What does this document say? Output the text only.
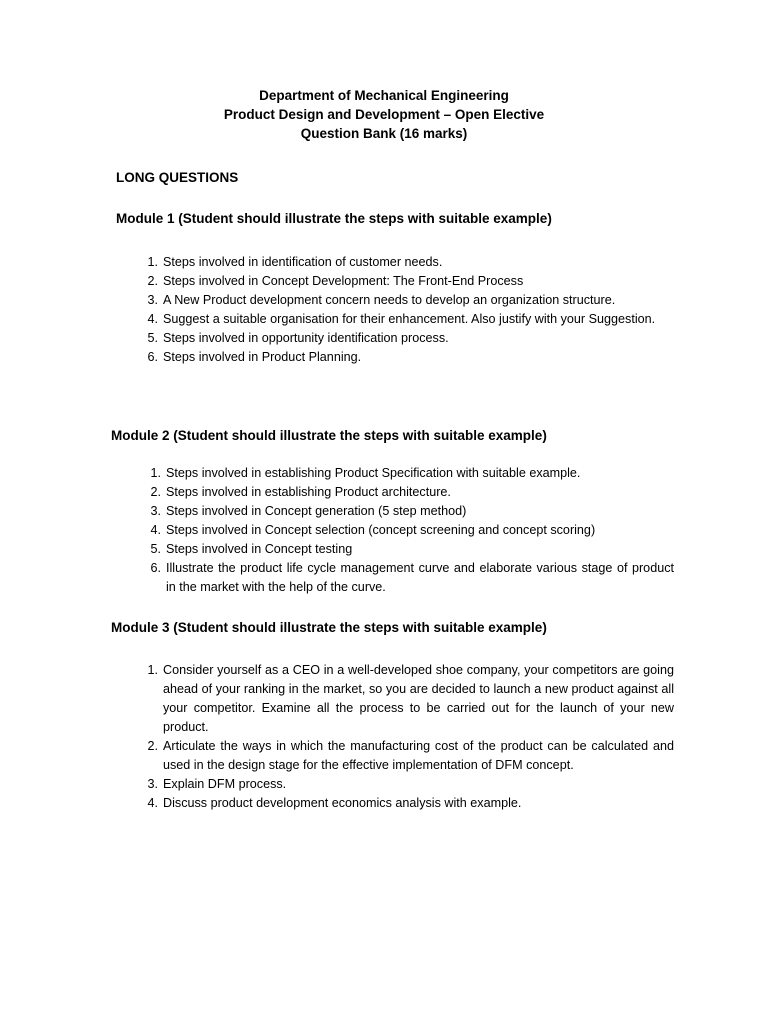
Department of Mechanical Engineering
Product Design and Development – Open Elective
Question Bank (16 marks)
LONG QUESTIONS
Module 1 (Student should illustrate the steps with suitable example)
1. Steps involved in identification of customer needs.
2. Steps involved in Concept Development: The Front-End Process
3. A New Product development concern needs to develop an organization structure.
4. Suggest a suitable organisation for their enhancement. Also justify with your Suggestion.
5. Steps involved in opportunity identification process.
6. Steps involved in Product Planning.
Module 2 (Student should illustrate the steps with suitable example)
1. Steps involved in establishing Product Specification with suitable example.
2. Steps involved in establishing Product architecture.
3. Steps involved in Concept generation (5 step method)
4. Steps involved in Concept selection (concept screening and concept scoring)
5. Steps involved in Concept testing
6. Illustrate the product life cycle management curve and elaborate various stage of product in the market with the help of the curve.
Module 3 (Student should illustrate the steps with suitable example)
1. Consider yourself as a CEO in a well-developed shoe company, your competitors are going ahead of your ranking in the market, so you are decided to launch a new product against all your competitor. Examine all the process to be carried out for the launch of your new product.
2. Articulate the ways in which the manufacturing cost of the product can be calculated and used in the design stage for the effective implementation of DFM concept.
3. Explain DFM process.
4. Discuss product development economics analysis with example.
